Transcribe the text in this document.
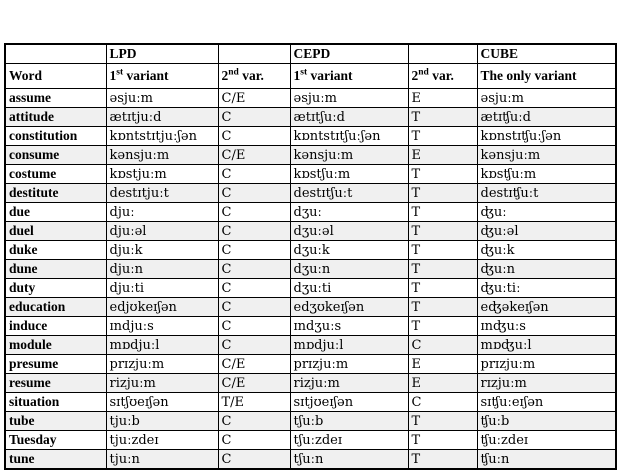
	LPD		CEPD		CUBE
Word	1st variant	2nd var.	1st variant	2nd var.	The only variant
assume	əsjuːm	C/E	əsjuːm	E	əsjuːm
attitude	ætɪtjuːd	C	ætɪtʃuːd	T	ætɪʧuːd
constitution	kɒntstɪtjuːʃən	C	kɒntstɪtʃuːʃən	T	kɒnstɪʧuːʃən
consume	kənsjuːm	C/E	kənsjuːm	E	kənsjuːm
costume	kɒstjuːm	C	kɒstʃuːm	T	kɒsʧuːm
destitute	destɪtjuːt	C	destɪtʃuːt	T	destɪʧuːt
due	djuː	C	dʒuː	T	ʤuː
duel	djuːəl	C	dʒuːəl	T	ʤuːəl
duke	djuːk	C	dʒuːk	T	ʤuːk
dune	djuːn	C	dʒuːn	T	ʤuːn
duty	djuːti	C	dʒuːti	T	ʤuːtiː
education	edjʊkeɪʃən	C	edʒʊkeɪʃən	T	eʤəkeɪʃən
induce	ɪndjuːs	C	ɪndʒuːs	T	ɪnʤuːs
module	mɒdjuːl	C	mɒdjuːl	C	mɒʤuːl
presume	prɪzjuːm	C/E	prɪzjuːm	E	prɪzjuːm
resume	rizjuːm	C/E	rizjuːm	E	rɪzjuːm
situation	sɪtʃʊeɪʃən	T/E	sɪtjʊeɪʃən	C	sɪʧuːeɪʃən
tube	tjuːb	C	tʃuːb	T	ʧuːb
Tuesday	tjuːzdeɪ	C	tʃuːzdeɪ	T	ʧuːzdeɪ
tune	tjuːn	C	tʃuːn	T	ʧuːn
